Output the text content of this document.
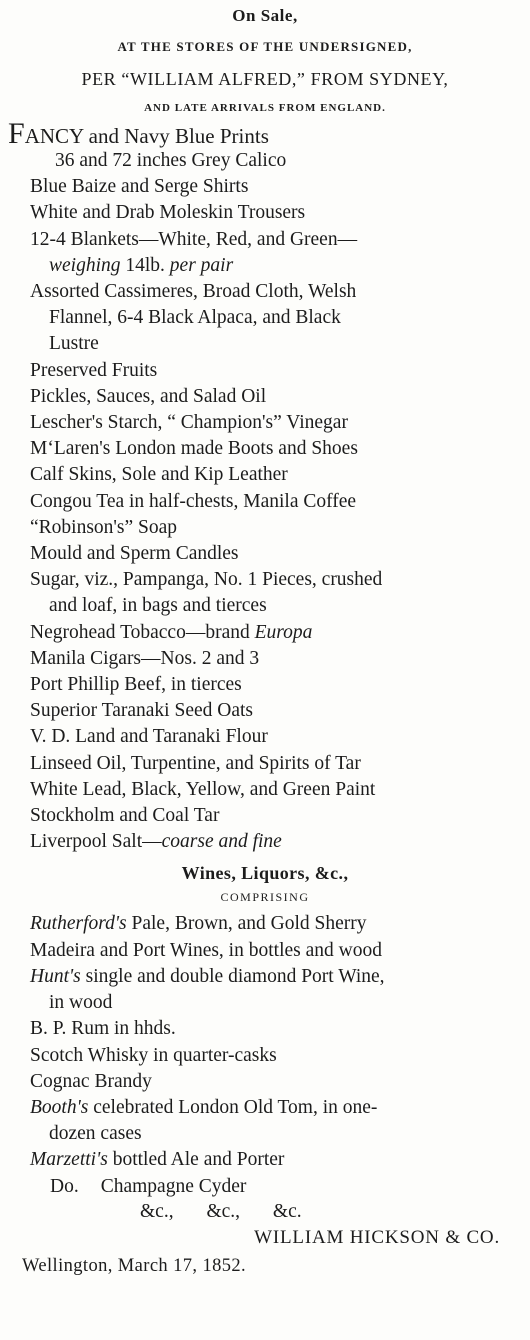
On Sale,
AT THE STORES OF THE UNDERSIGNED,
PER “WILLIAM ALFRED,” FROM SYDNEY,
AND LATE ARRIVALS FROM ENGLAND.
FANCY and Navy Blue Prints
36 and 72 inches Grey Calico
Blue Baize and Serge Shirts
White and Drab Moleskin Trousers
12-4 Blankets—White, Red, and Green—
weighing 14lb. per pair
Assorted Cassimeres, Broad Cloth, Welsh
Flannel, 6-4 Black Alpaca, and Black
Lustre
Preserved Fruits
Pickles, Sauces, and Salad Oil
Lescher's Starch, “ Champion's” Vinegar
M‘Laren's London made Boots and Shoes
Calf Skins, Sole and Kip Leather
Congou Tea in half-chests, Manila Coffee
“Robinson's” Soap
Mould and Sperm Candles
Sugar, viz., Pampanga, No. 1 Pieces, crushed
and loaf, in bags and tierces
Negrohead Tobacco—brand Europa
Manila Cigars—Nos. 2 and 3
Port Phillip Beef, in tierces
Superior Taranaki Seed Oats
V. D. Land and Taranaki Flour
Linseed Oil, Turpentine, and Spirits of Tar
White Lead, Black, Yellow, and Green Paint
Stockholm and Coal Tar
Liverpool Salt—coarse and fine
Wines, Liquors, &c.,
COMPRISING
Rutherford's Pale, Brown, and Gold Sherry
Madeira and Port Wines, in bottles and wood
Hunt's single and double diamond Port Wine,
in wood
B. P. Rum in hhds.
Scotch Whisky in quarter-casks
Cognac Brandy
Booth's celebrated London Old Tom, in one-
dozen cases
Marzetti's bottled Ale and Porter
Do. Champagne Cyder
&c., &c., &c.
WILLIAM HICKSON & CO.
Wellington, March 17, 1852.
